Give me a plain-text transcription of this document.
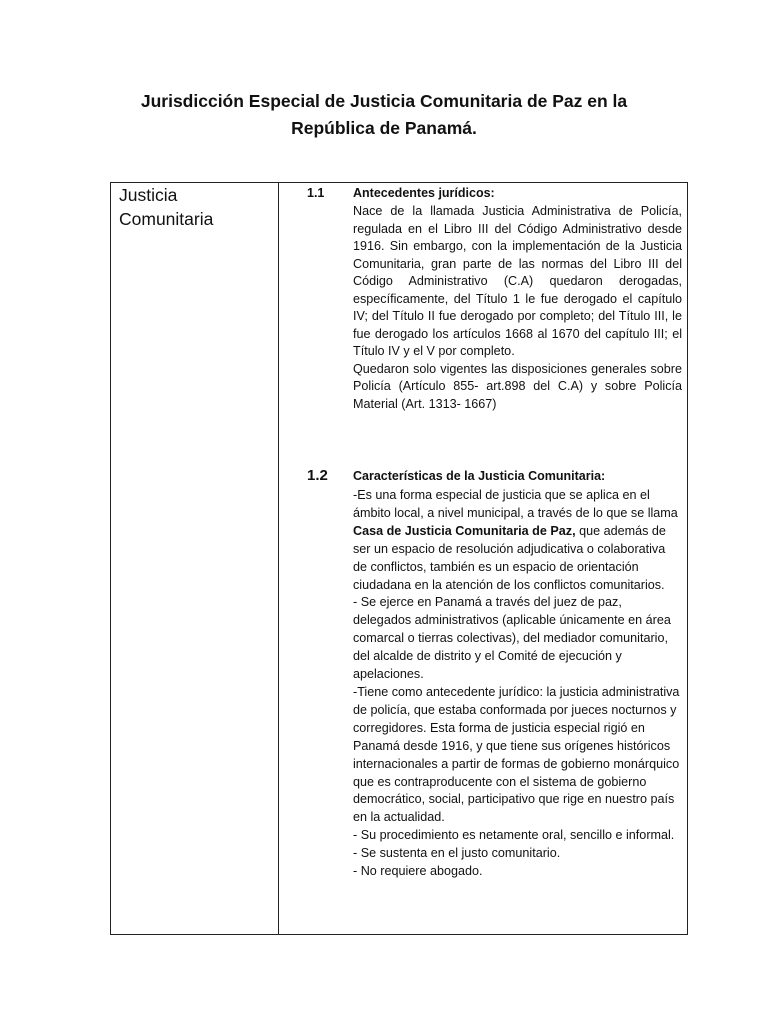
Jurisdicción Especial de Justicia Comunitaria de Paz en la
República de Panamá.
Justicia
Comunitaria
1.1 Antecedentes jurídicos:

Nace de la llamada Justicia Administrativa de Policía, regulada en el Libro III del Código Administrativo desde 1916. Sin embargo, con la implementación de la Justicia Comunitaria, gran parte de las normas del Libro III del Código Administrativo (C.A) quedaron derogadas, específicamente, del Título 1 le fue derogado el capítulo IV; del Título II fue derogado por completo; del Título III, le fue derogado los artículos 1668 al 1670 del capítulo III; el Título IV y el V por completo.

Quedaron solo vigentes las disposiciones generales sobre Policía (Artículo 855- art.898 del C.A) y sobre Policía Material (Art. 1313- 1667)

1.2 Características de la Justicia Comunitaria:

-Es una forma especial de justicia que se aplica en el ámbito local, a nivel municipal, a través de lo que se llama Casa de Justicia Comunitaria de Paz, que además de ser un espacio de resolución adjudicativa o colaborativa de conflictos, también es un espacio de orientación ciudadana en la atención de los conflictos comunitarios.

- Se ejerce en Panamá a través del juez de paz, delegados administrativos (aplicable únicamente en área comarcal o tierras colectivas), del mediador comunitario, del alcalde de distrito y el Comité de ejecución y apelaciones.

-Tiene como antecedente jurídico: la justicia administrativa de policía, que estaba conformada por jueces nocturnos y corregidores. Esta forma de justicia especial rigió en Panamá desde 1916, y que tiene sus orígenes históricos internacionales a partir de formas de gobierno monárquico que es contraproducente con el sistema de gobierno democrático, social, participativo que rige en nuestro país en la actualidad.

- Su procedimiento es netamente oral, sencillo e informal.

- Se sustenta en el justo comunitario.

- No requiere abogado.
